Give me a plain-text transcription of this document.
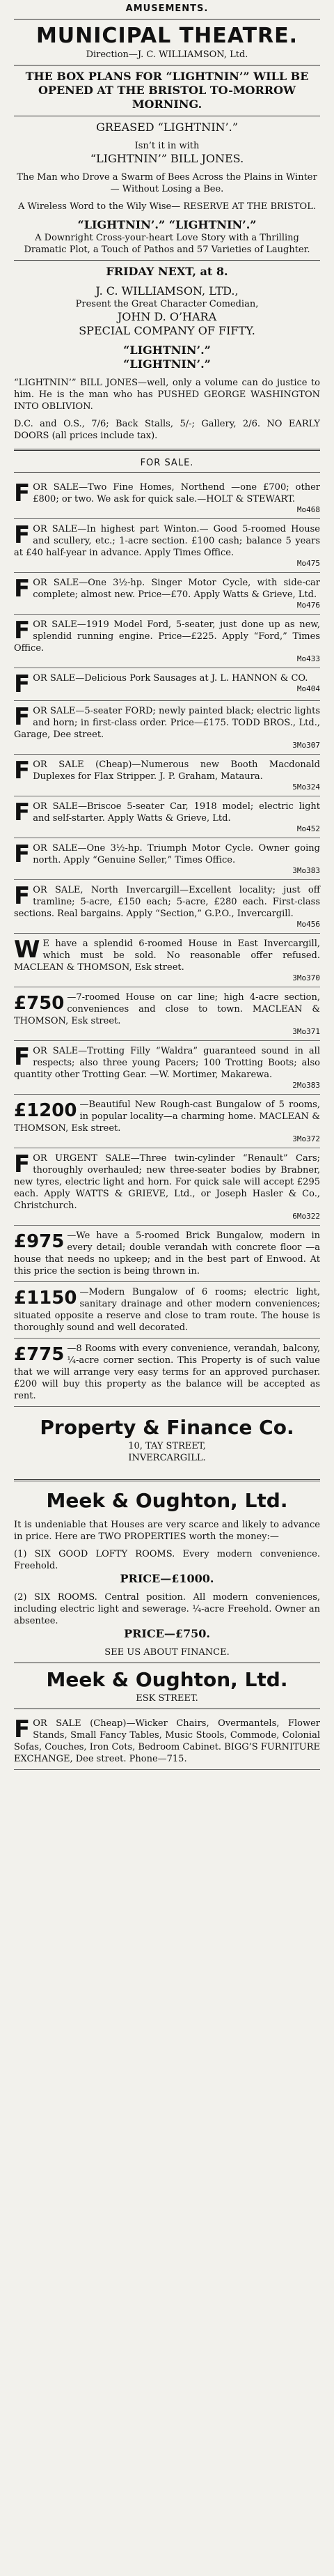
AMUSEMENTS.
MUNICIPAL THEATRE.
Direction—J. C. WILLIAMSON, Ltd.
THE BOX PLANS FOR “LIGHTNIN’” WILL BE OPENED AT THE BRISTOL TO-MORROW MORNING.
GREASED “LIGHTNIN’.”
Isn’t it in with
“LIGHTNIN’” BILL JONES.
The Man who Drove a Swarm of Bees Across the Plains in Winter— Without Losing a Bee.
A Wireless Word to the Wily Wise— RESERVE AT THE BRISTOL.
“LIGHTNIN’.” “LIGHTNIN’.”
A Downright Cross-your-heart Love Story with a Thrilling Dramatic Plot, a Touch of Pathos and 57 Varieties of Laughter.
FRIDAY NEXT, at 8.
J. C. WILLIAMSON, LTD.,
Present the Great Character Comedian,
JOHN D. O’HARA
SPECIAL COMPANY OF FIFTY.
“LIGHTNIN’.”
“LIGHTNIN’.”
“LIGHTNIN’” BILL JONES—well, only a volume can do justice to him. He is the man who has PUSHED GEORGE WASHINGTON INTO OBLIVION.
D.C. and O.S., 7/6; Back Stalls, 5/-; Gallery, 2/6. NO EARLY DOORS (all prices include tax).
FOR SALE.
F OR SALE—Two Fine Homes, Northend —one £700; other £800; or two. We ask for quick sale.—HOLT & STEWART.

Mo468
F OR SALE—In highest part Winton.— Good 5-roomed House and scullery, etc.; 1-acre section. £100 cash; balance 5 years at £40 half-year in advance. Apply Times Office.

Mo475
F OR SALE—One 3½-hp. Singer Motor Cycle, with side-car complete; almost new. Price—£70. Apply Watts & Grieve, Ltd.

Mo476
F OR SALE—1919 Model Ford, 5-seater, just done up as new, splendid running engine. Price—£225. Apply “Ford,” Times Office.

Mo433
F OR SALE—Delicious Pork Sausages at J. L. HANNON & CO.

Mo404
F OR SALE—5-seater FORD; newly painted black; electric lights and horn; in first-class order. Price—£175. TODD BROS., Ltd., Garage, Dee street.

3Mo307
F OR SALE (Cheap)—Numerous new Booth Macdonald Duplexes for Flax Stripper. J. P. Graham, Mataura.

5Mo324
F OR SALE—Briscoe 5-seater Car, 1918 model; electric light and self-starter. Apply Watts & Grieve, Ltd.

Mo452
F OR SALE—One 3½-hp. Triumph Motor Cycle. Owner going north. Apply “Genuine Seller,” Times Office.

3Mo383
F OR SALE, North Invercargill—Excellent locality; just off tramline; 5-acre, £150 each; 5-acre, £280 each. First-class sections. Real bargains. Apply “Section,” G.P.O., Invercargill.

Mo456
W E have a splendid 6-roomed House in East Invercargill, which must be sold. No reasonable offer refused. MACLEAN & THOMSON, Esk street.

3Mo370
£750 —7-roomed House on car line; high 4-acre section, conveniences and close to town. MACLEAN & THOMSON, Esk street.

3Mo371
F OR SALE—Trotting Filly “Waldra” guaranteed sound in all respects; also three young Pacers; 100 Trotting Boots; also quantity other Trotting Gear. —W. Mortimer, Makarewa.

2Mo383
£1200 —Beautiful New Rough-cast Bungalow of 5 rooms, in popular locality—a charming home. MACLEAN & THOMSON, Esk street.

3Mo372
F OR URGENT SALE—Three twin-cylinder “Renault” Cars; thoroughly overhauled; new three-seater bodies by Brabner, new tyres, electric light and horn. For quick sale will accept £295 each. Apply WATTS & GRIEVE, Ltd., or Joseph Hasler & Co., Christchurch.

6Mo322
£975 —We have a 5-roomed Brick Bungalow, modern in every detail; double verandah with concrete floor —a house that needs no upkeep; and in the best part of Enwood. At this price the section is being thrown in.

£1150 —Modern Bungalow of 6 rooms; electric light, sanitary drainage and other modern conveniences; situated opposite a reserve and close to tram route. The house is thoroughly sound and well decorated.

£775 —8 Rooms with every convenience, verandah, balcony, ¼-acre corner section. This Property is of such value that we will arrange very easy terms for an approved purchaser. £200 will buy this property as the balance will be accepted as rent.

Property & Finance Co.
10, TAY STREET,
INVERCARGILL.
Meek & Oughton, Ltd.
It is undeniable that Houses are very scarce and likely to advance in price. Here are TWO PROPERTIES worth the money:—
(1) SIX GOOD LOFTY ROOMS. Every modern convenience. Freehold.
PRICE—£1000.
(2) SIX ROOMS. Central position. All modern conveniences, including electric light and sewerage. ¼-acre Freehold. Owner an absentee.
PRICE—£750.
SEE US ABOUT FINANCE.
Meek & Oughton, Ltd.
ESK STREET.
F OR SALE (Cheap)—Wicker Chairs, Overmantels, Flower Stands, Small Fancy Tables, Music Stools, Commode, Colonial Sofas, Couches, Iron Cots, Bedroom Cabinet. BIGG’S FURNITURE EXCHANGE, Dee street. Phone—715.
